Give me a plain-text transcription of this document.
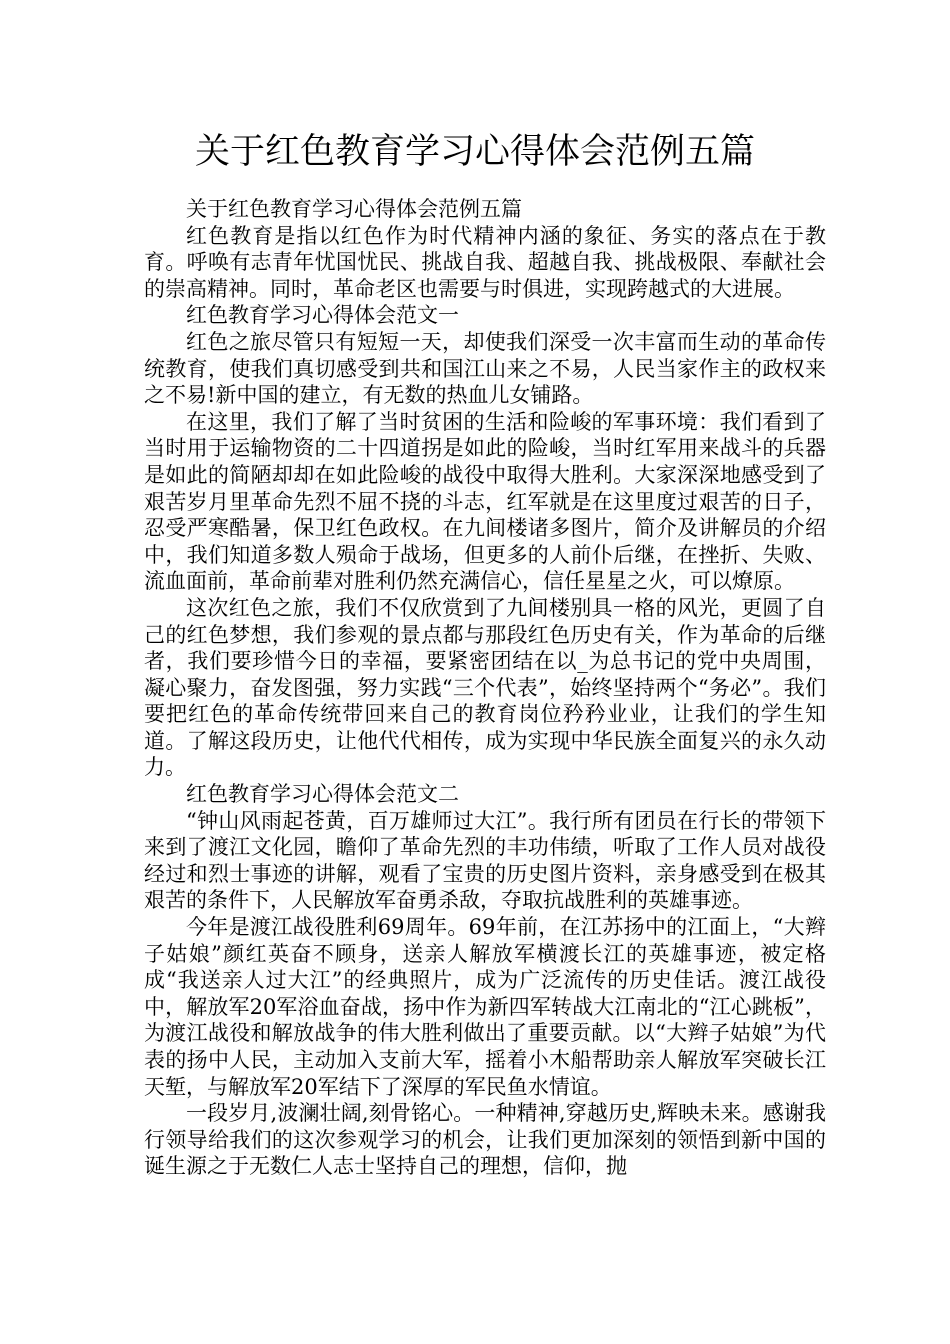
关于红色教育学习心得体会范例五篇

关于红色教育学习心得体会范例五篇

红色教育是指以红色作为时代精神内涵的象征、务实的落点在于教育。呼唤有志青年忧国忧民、挑战自我、超越自我、挑战极限、奉献社会的崇高精神。同时，革命老区也需要与时俱进，实现跨越式的大进展。

红色教育学习心得体会范文一

红色之旅尽管只有短短一天，却使我们深受一次丰富而生动的革命传统教育，使我们真切感受到共和国江山来之不易，人民当家作主的政权来之不易!新中国的建立，有无数的热血儿女铺路。

在这里，我们了解了当时贫困的生活和险峻的军事环境：我们看到了当时用于运输物资的二十四道拐是如此的险峻，当时红军用来战斗的兵器是如此的简陋却却在如此险峻的战役中取得大胜利。大家深深地感受到了艰苦岁月里革命先烈不屈不挠的斗志，红军就是在这里度过艰苦的日子，忍受严寒酷暑，保卫红色政权。在九间楼诸多图片，简介及讲解员的介绍中，我们知道多数人殒命于战场，但更多的人前仆后继，在挫折、失败、流血面前，革命前辈对胜利仍然充满信心，信任星星之火，可以燎原。

这次红色之旅，我们不仅欣赏到了九间楼别具一格的风光，更圆了自己的红色梦想，我们参观的景点都与那段红色历史有关，作为革命的后继者，我们要珍惜今日的幸福，要紧密团结在以_为总书记的党中央周围，凝心聚力，奋发图强，努力实践“三个代表”，始终坚持两个“务必”。我们要把红色的革命传统带回来自己的教育岗位矜矜业业，让我们的学生知道。了解这段历史，让他代代相传，成为实现中华民族全面复兴的永久动力。

红色教育学习心得体会范文二

“钟山风雨起苍黄，百万雄师过大江”。我行所有团员在行长的带领下来到了渡江文化园，瞻仰了革命先烈的丰功伟绩，听取了工作人员对战役经过和烈士事迹的讲解，观看了宝贵的历史图片资料，亲身感受到在极其艰苦的条件下，人民解放军奋勇杀敌，夺取抗战胜利的英雄事迹。

今年是渡江战役胜利69周年。69年前，在江苏扬中的江面上，“大辫子姑娘”颜红英奋不顾身，送亲人解放军横渡长江的英雄事迹，被定格成“我送亲人过大江”的经典照片，成为广泛流传的历史佳话。渡江战役中，解放军20军浴血奋战，扬中作为新四军转战大江南北的“江心跳板”，为渡江战役和解放战争的伟大胜利做出了重要贡献。以“大辫子姑娘”为代表的扬中人民，主动加入支前大军，摇着小木船帮助亲人解放军突破长江天堑，与解放军20军结下了深厚的军民鱼水情谊。

一段岁月,波澜壮阔,刻骨铭心。一种精神,穿越历史,辉映未来。感谢我行领导给我们的这次参观学习的机会，让我们更加深刻的领悟到新中国的诞生源之于无数仁人志士坚持自己的理想，信仰，抛
